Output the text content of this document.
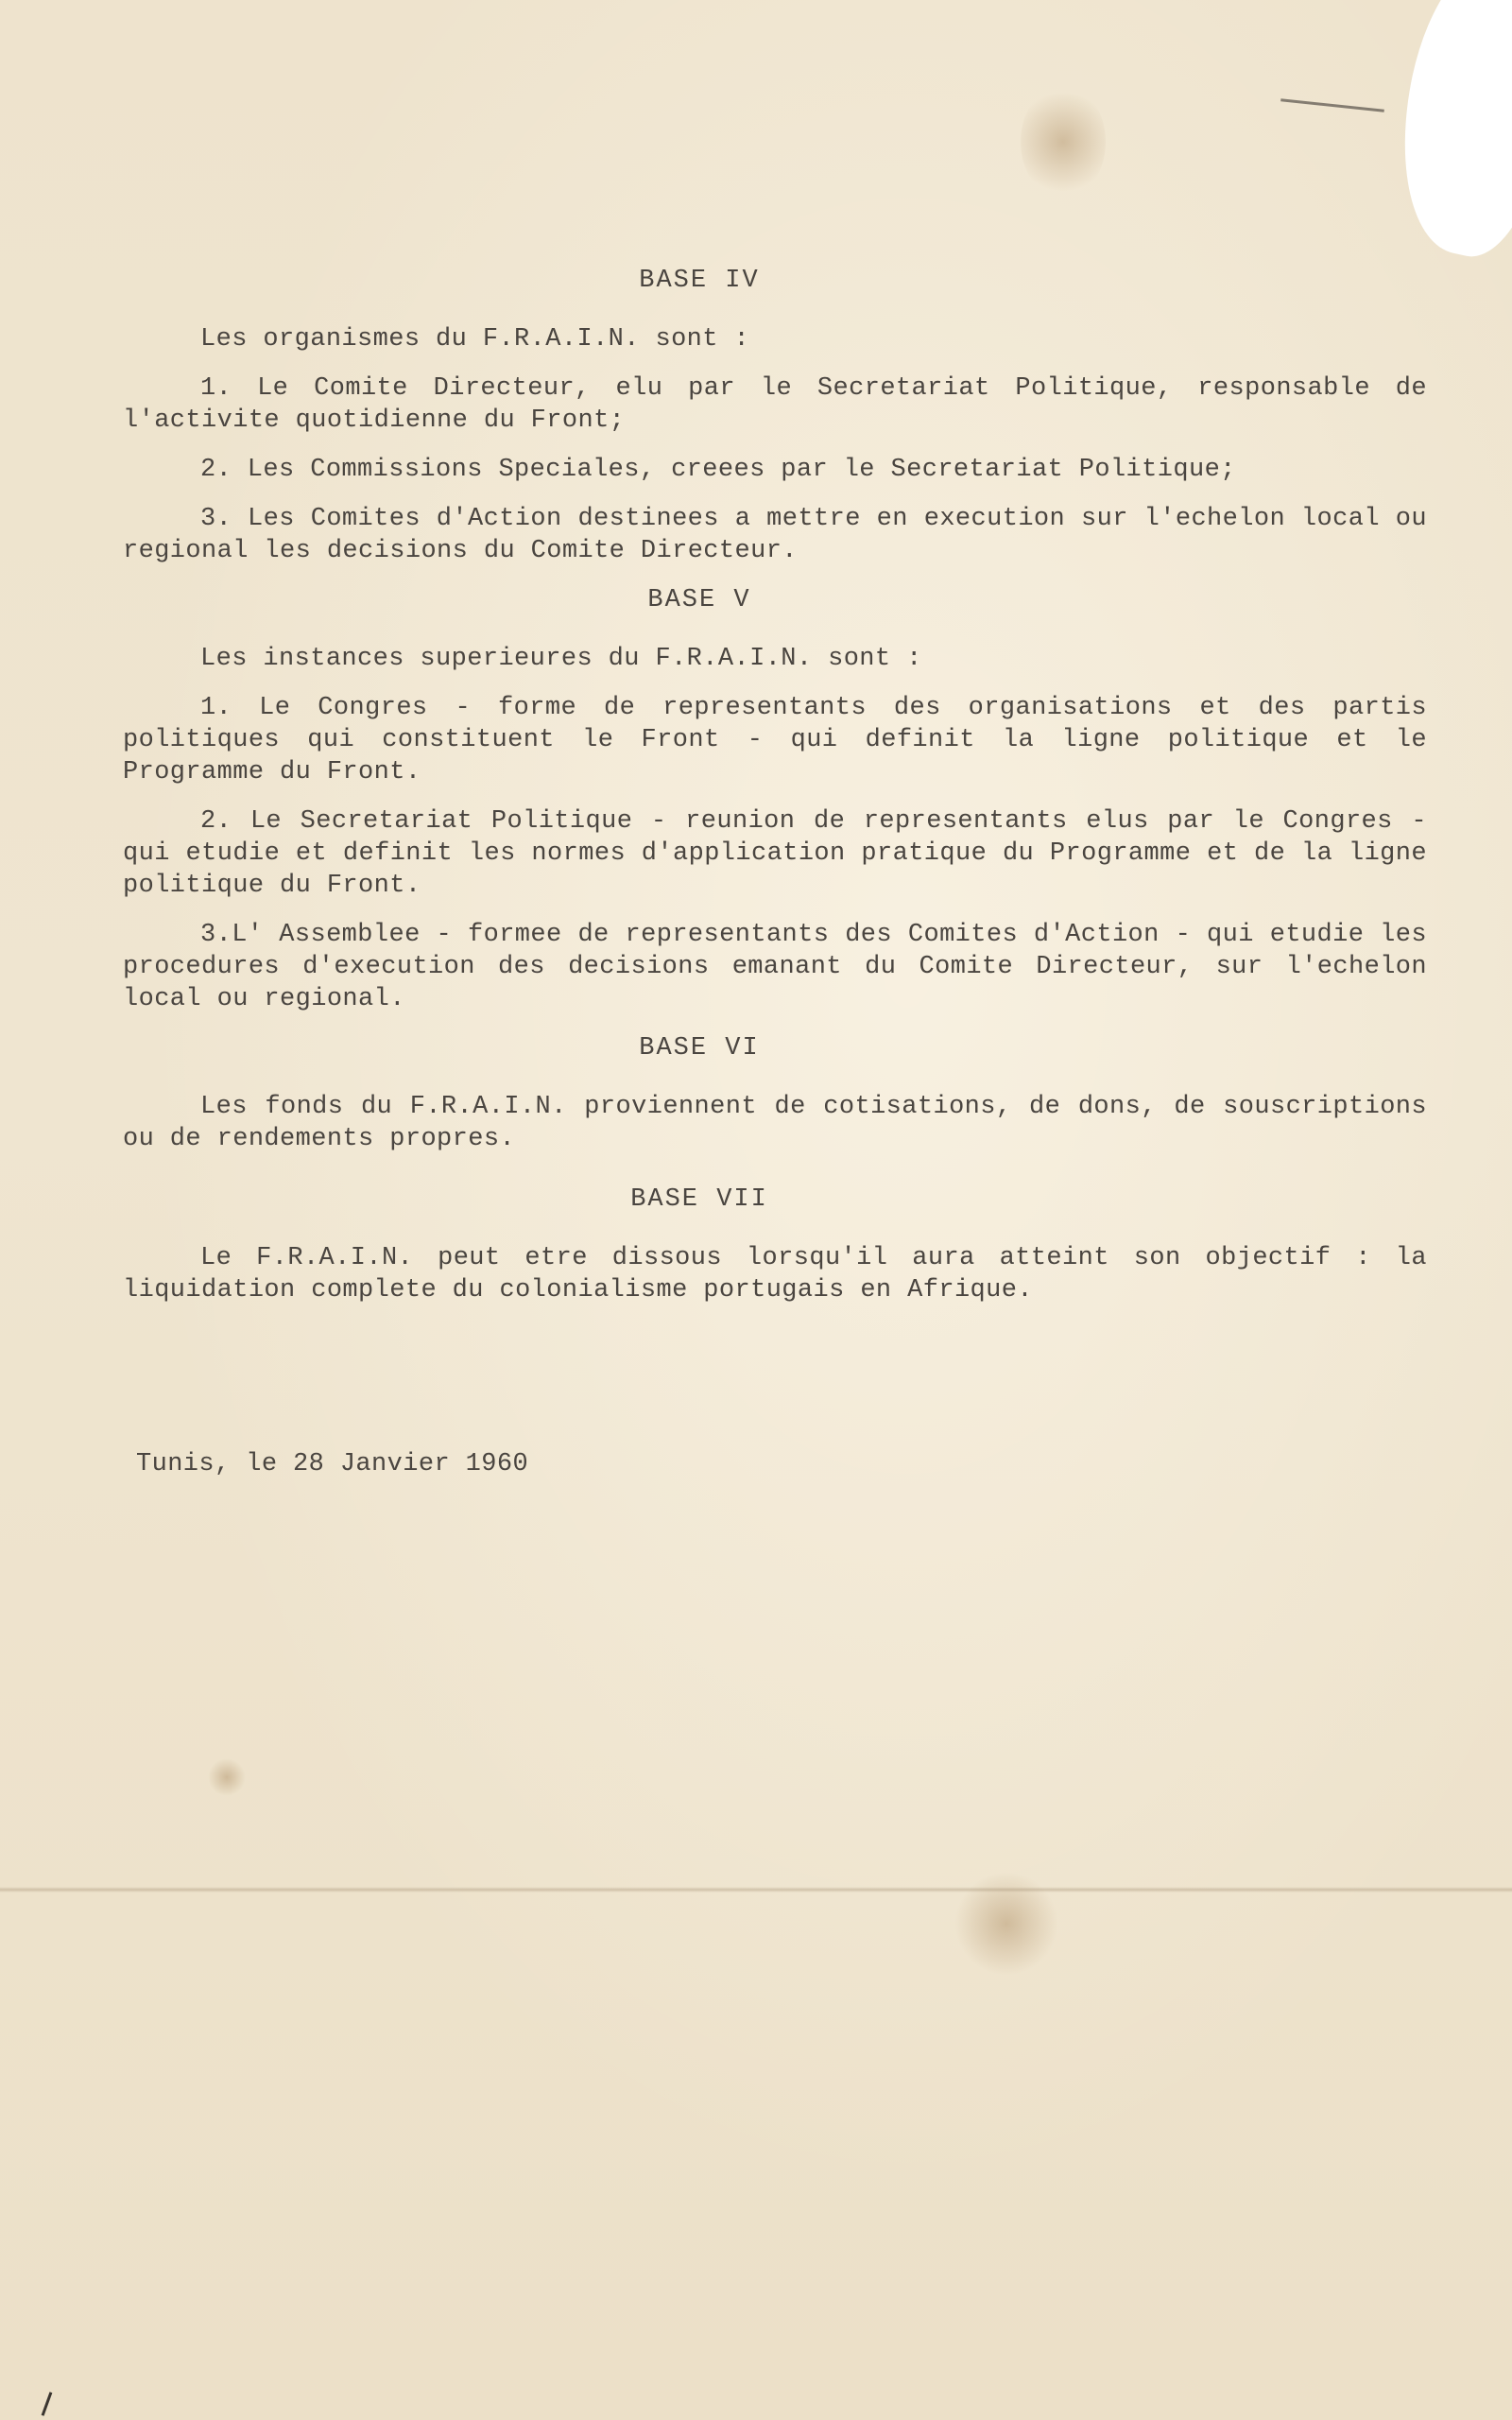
BASE IV
Les organismes du F.R.A.I.N. sont :
1. Le Comite Directeur, elu par le Secretariat Politique, responsable de l'activite quotidienne du Front;
2. Les Commissions Speciales, creees par le Secretariat Politique;
3. Les Comites d'Action destinees a mettre en execution sur l'echelon local ou regional les decisions du Comite Directeur.
BASE V
Les instances superieures du F.R.A.I.N. sont :
1. Le Congres - forme de representants des organisations et des partis politiques qui constituent le Front - qui definit la ligne politique et le Programme du Front.
2. Le Secretariat Politique - reunion de representants elus par le Congres - qui etudie et definit les normes d'application pratique du Programme et de la ligne politique du Front.
3.L' Assemblee - formee de representants des Comites d'Action - qui etudie les procedures d'execution des decisions emanant du Comite Directeur, sur l'echelon local ou regional.
BASE VI
Les fonds du F.R.A.I.N. proviennent de cotisations, de dons, de souscriptions ou de rendements propres.
BASE VII
Le F.R.A.I.N. peut etre dissous lorsqu'il aura atteint son objectif : la liquidation complete du colonialisme portugais en Afrique.
Tunis, le 28 Janvier 1960
